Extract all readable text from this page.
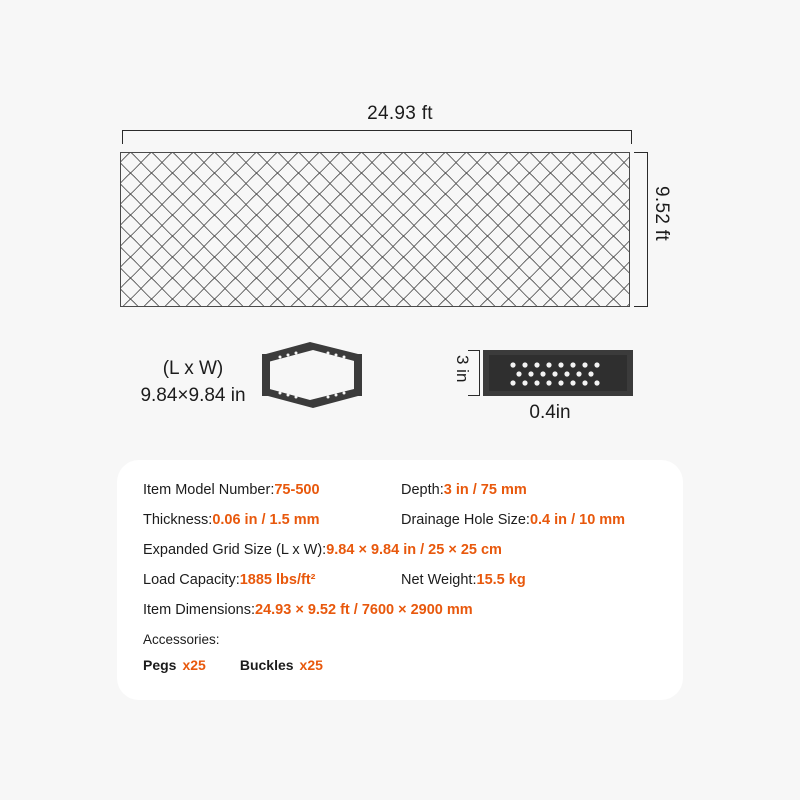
24.93 ft
9.52 ft
(L x W)
9.84×9.84 in
3 in
0.4in
Item Model Number: 75-500	Depth: 3 in / 75 mm
Thickness: 0.06 in / 1.5 mm	Drainage Hole Size: 0.4 in / 10 mm
Expanded Grid Size (L x W): 9.84 × 9.84 in / 25 × 25 cm
Load Capacity: 1885 lbs/ft²	Net Weight: 15.5 kg
Item Dimensions: 24.93 × 9.52 ft / 7600 × 2900 mm
Accessories:
Pegs x25 Buckles x25
